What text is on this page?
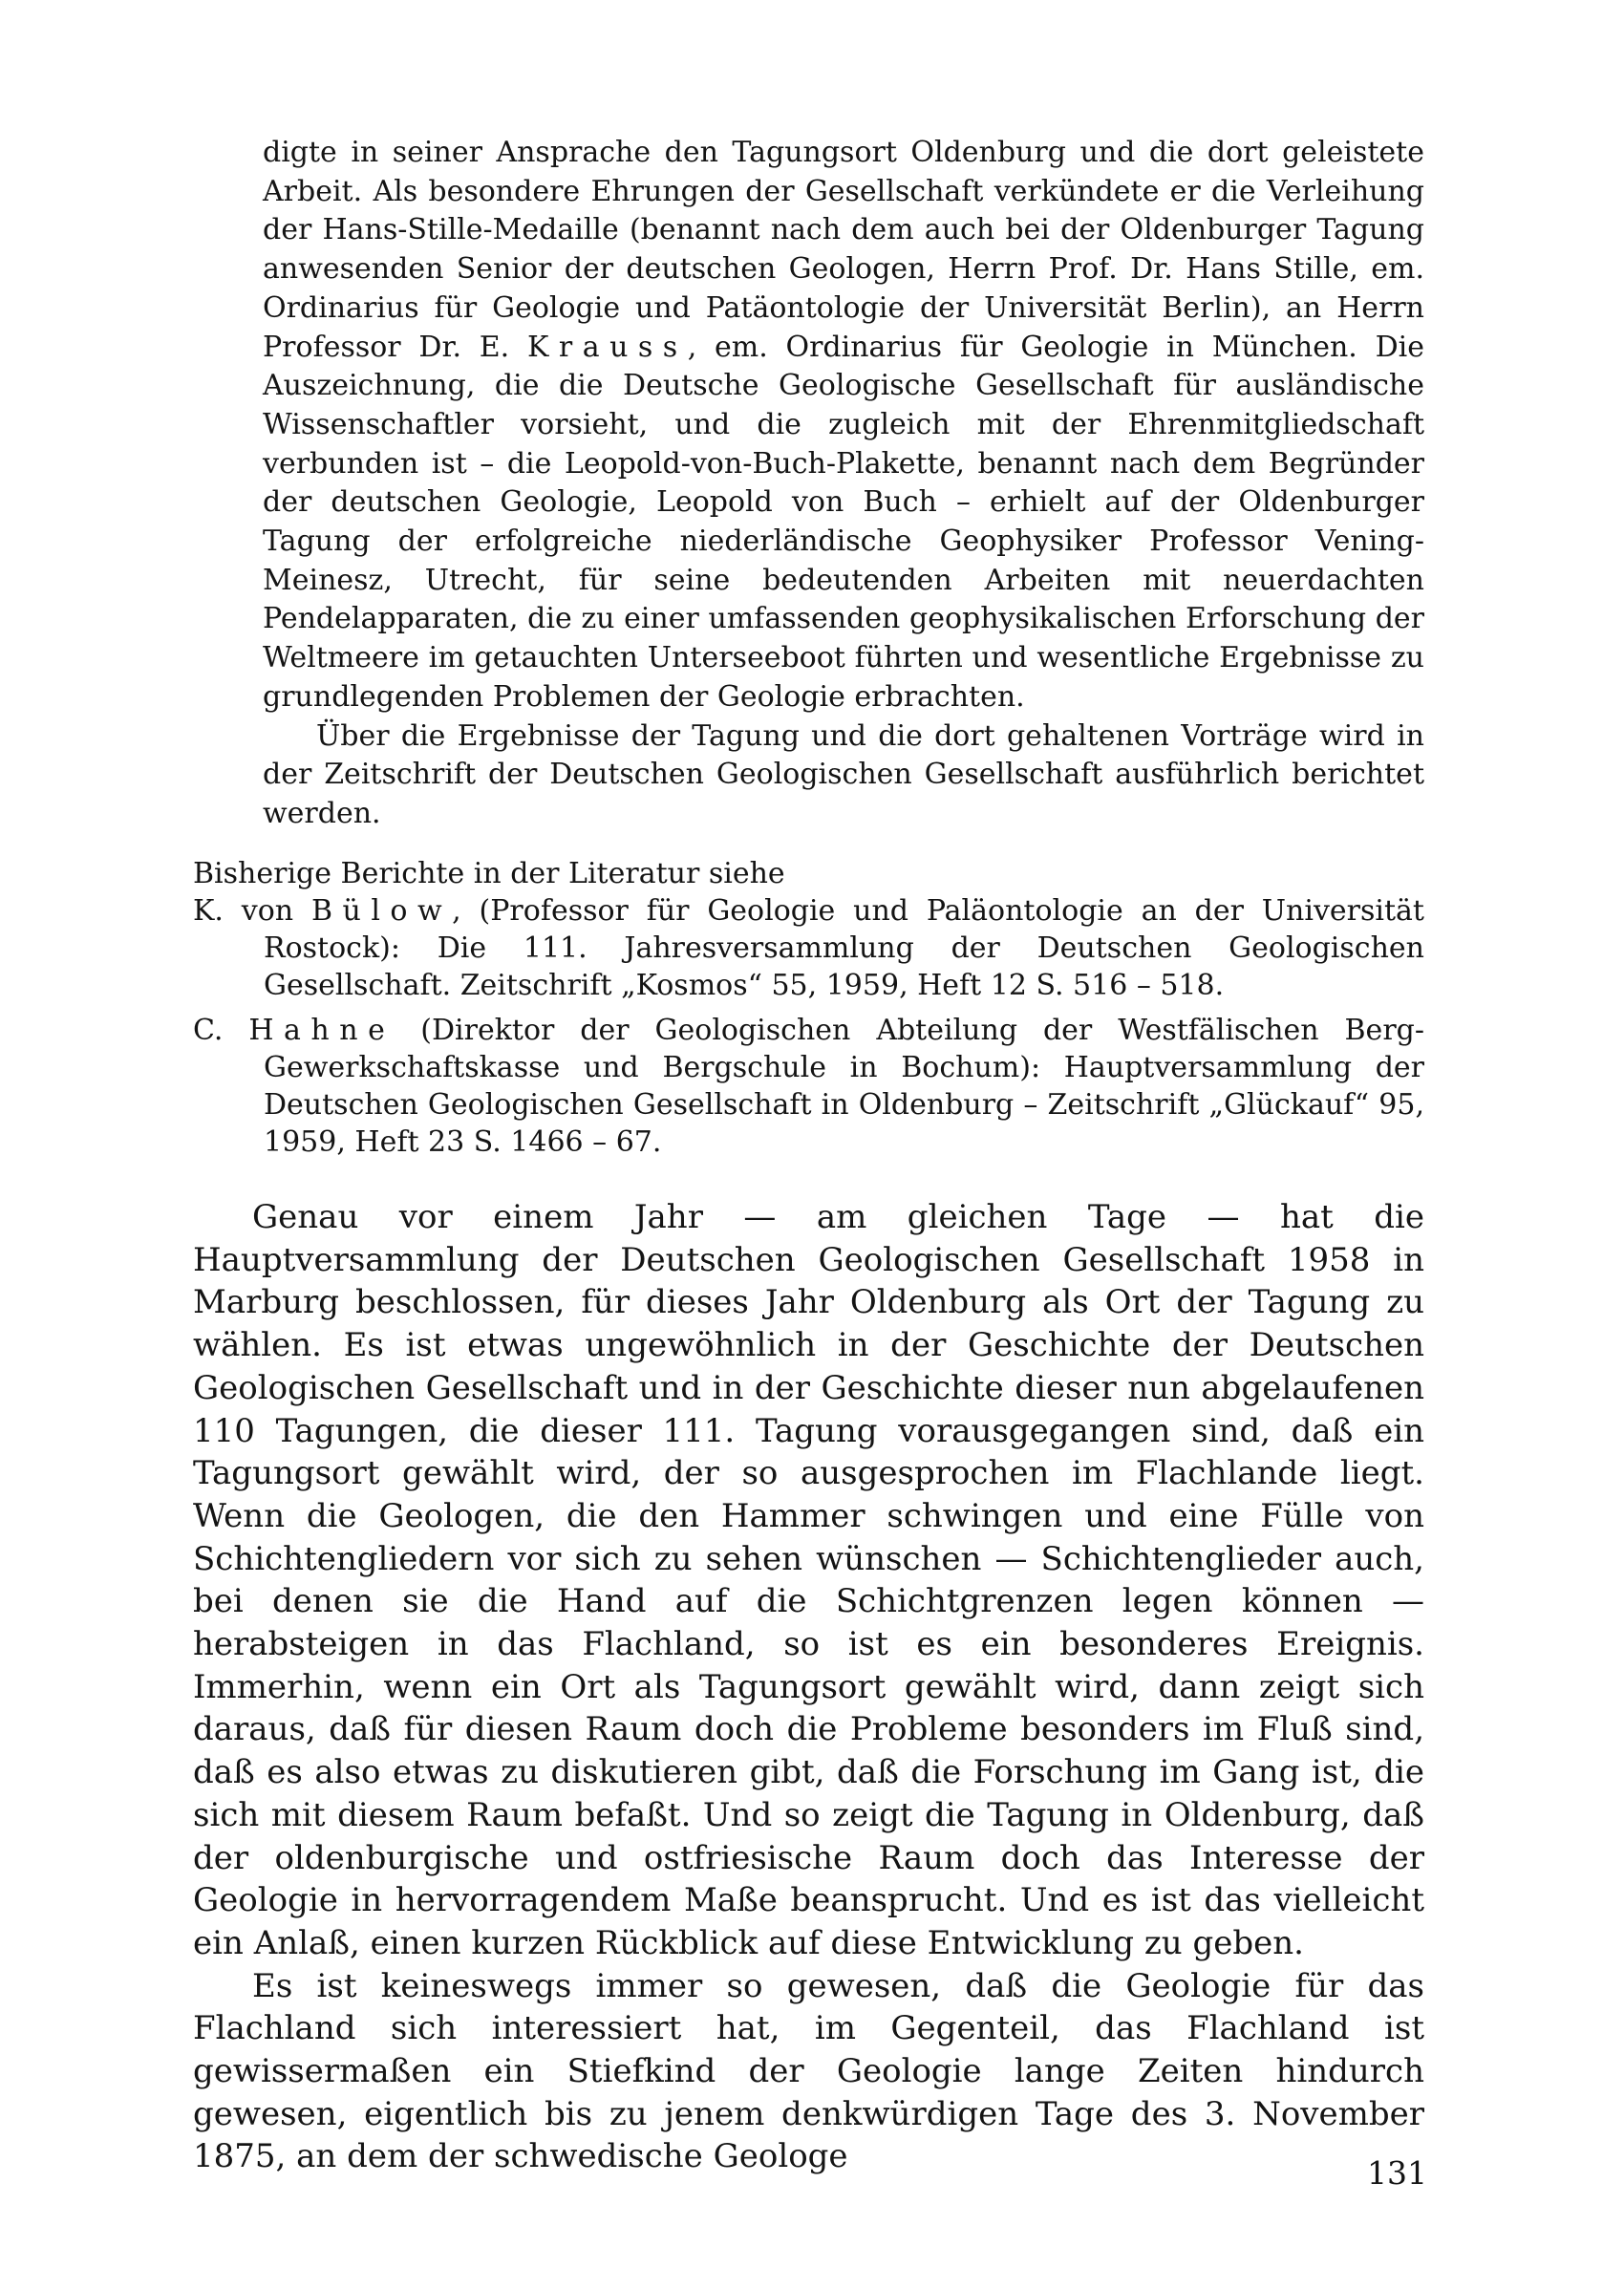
digte in seiner Ansprache den Tagungsort Oldenburg und die dort geleistete Arbeit. Als besondere Ehrungen der Gesellschaft verkündete er die Verleihung der Hans-Stille-Medaille (benannt nach dem auch bei der Oldenburger Tagung anwesenden Senior der deutschen Geologen, Herrn Prof. Dr. Hans Stille, em. Ordinarius für Geologie und Patäontologie der Universität Berlin), an Herrn Professor Dr. E. Krauss, em. Ordinarius für Geologie in München. Die Auszeichnung, die die Deutsche Geologische Gesellschaft für ausländische Wissenschaftler vorsieht, und die zugleich mit der Ehrenmitgliedschaft verbunden ist – die Leopold-von-Buch-Plakette, benannt nach dem Begründer der deutschen Geologie, Leopold von Buch – erhielt auf der Oldenburger Tagung der erfolgreiche niederländische Geophysiker Professor Vening-Meinesz, Utrecht, für seine bedeutenden Arbeiten mit neuerdachten Pendelapparaten, die zu einer umfassenden geophysikalischen Erforschung der Weltmeere im getauchten Unterseeboot führten und wesentliche Ergebnisse zu grundlegenden Problemen der Geologie erbrachten.

Über die Ergebnisse der Tagung und die dort gehaltenen Vorträge wird in der Zeitschrift der Deutschen Geologischen Gesellschaft ausführlich berichtet werden.

Bisherige Berichte in der Literatur siehe

K. von Bülow, (Professor für Geologie und Paläontologie an der Universität Rostock): Die 111. Jahresversammlung der Deutschen Geologischen Gesellschaft. Zeitschrift „Kosmos“ 55, 1959, Heft 12 S. 516 – 518.

C. Hahne (Direktor der Geologischen Abteilung der Westfälischen Berg-Gewerkschaftskasse und Bergschule in Bochum): Hauptversammlung der Deutschen Geologischen Gesellschaft in Oldenburg – Zeitschrift „Glückauf“ 95, 1959, Heft 23 S. 1466 – 67.

Genau vor einem Jahr — am gleichen Tage — hat die Hauptversammlung der Deutschen Geologischen Gesellschaft 1958 in Marburg beschlossen, für dieses Jahr Oldenburg als Ort der Tagung zu wählen. Es ist etwas ungewöhnlich in der Geschichte der Deutschen Geologischen Gesellschaft und in der Geschichte dieser nun abgelaufenen 110 Tagungen, die dieser 111. Tagung vorausgegangen sind, daß ein Tagungsort gewählt wird, der so ausgesprochen im Flachlande liegt. Wenn die Geologen, die den Hammer schwingen und eine Fülle von Schichtengliedern vor sich zu sehen wünschen — Schichtenglieder auch, bei denen sie die Hand auf die Schichtgrenzen legen können — herabsteigen in das Flachland, so ist es ein besonderes Ereignis. Immerhin, wenn ein Ort als Tagungsort gewählt wird, dann zeigt sich daraus, daß für diesen Raum doch die Probleme besonders im Fluß sind, daß es also etwas zu diskutieren gibt, daß die Forschung im Gang ist, die sich mit diesem Raum befaßt. Und so zeigt die Tagung in Oldenburg, daß der oldenburgische und ostfriesische Raum doch das Interesse der Geologie in hervorragendem Maße beansprucht. Und es ist das vielleicht ein Anlaß, einen kurzen Rückblick auf diese Entwicklung zu geben.

Es ist keineswegs immer so gewesen, daß die Geologie für das Flachland sich interessiert hat, im Gegenteil, das Flachland ist gewissermaßen ein Stiefkind der Geologie lange Zeiten hindurch gewesen, eigentlich bis zu jenem denkwürdigen Tage des 3. November 1875, an dem der schwedische Geologe	131
